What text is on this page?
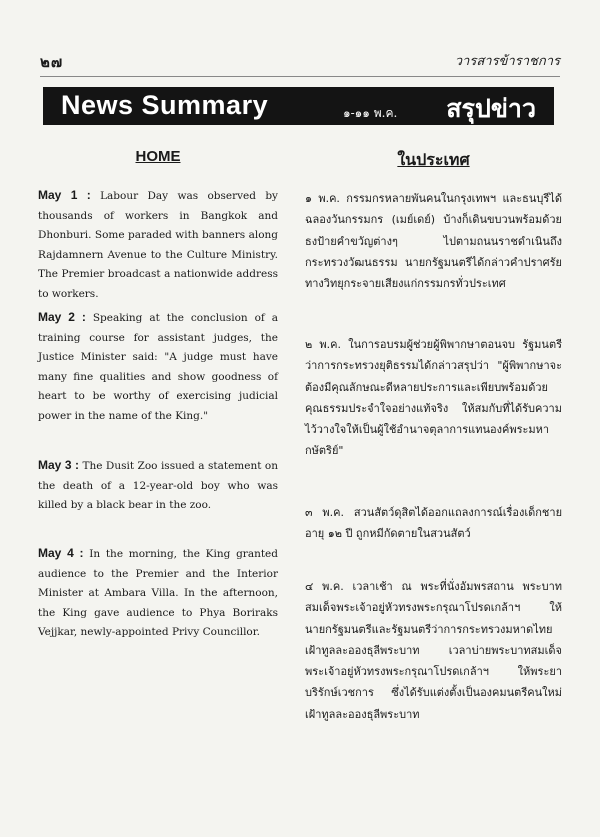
๒๗	วารสารข้าราชการ
News Summary	๑-๑๑ พ.ค. สรุปข่าว
HOME
May 1 : Labour Day was observed by thousands of workers in Bangkok and Dhonburi. Some paraded with banners along Rajdamnern Avenue to the Culture Ministry. The Premier broadcast a nationwide address to workers.
May 2 : Speaking at the conclusion of a training course for assistant judges, the Justice Minister said: "A judge must have many fine qualities and show goodness of heart to be worthy of exercising judicial power in the name of the King."
May 3 : The Dusit Zoo issued a statement on the death of a 12-year-old boy who was killed by a black bear in the zoo.
May 4 : In the morning, the King granted audience to the Premier and the Interior Minister at Ambara Villa. In the afternoon, the King gave audience to Phya Boriraks Vejjkar, newly-appointed Privy Councillor.
ในประเทศ
๑ พ.ค. กรรมกรหลายพันคนในกรุงเทพฯ และธนบุรีได้ฉลองวันกรรมกร (เมย์เดย์) บ้างก็เดินขบวนพร้อมด้วยธงป้ายคำขวัญต่างๆ ไปตามถนนราชดำเนินถึงกระทรวงวัฒนธรรม นายกรัฐมนตรีได้กล่าวคำปราศรัยทางวิทยุกระจายเสียงแก่กรรมกรทั่วประเทศ
๒ พ.ค. ในการอบรมผู้ช่วยผู้พิพากษาตอนจบ รัฐมนตรีว่าการกระทรวงยุติธรรมได้กล่าวสรุปว่า "ผู้พิพากษาจะต้องมีคุณลักษณะดีหลายประการและเพียบพร้อมด้วยคุณธรรมประจำใจอย่างแท้จริง ให้สมกับที่ได้รับความไว้วางใจให้เป็นผู้ใช้อำนาจตุลาการแทนองค์พระมหากษัตริย์"
๓ พ.ค. สวนสัตว์ดุสิตได้ออกแถลงการณ์เรื่องเด็กชายอายุ ๑๒ ปี ถูกหมีกัดตายในสวนสัตว์
๔ พ.ค. เวลาเช้า ณ พระที่นั่งอัมพรสถาน พระบาทสมเด็จพระเจ้าอยู่หัวทรงพระกรุณาโปรดเกล้าฯ ให้นายกรัฐมนตรีและรัฐมนตรีว่าการกระทรวงมหาดไทยเฝ้าทูลละอองธุลีพระบาท เวลาบ่ายพระบาทสมเด็จพระเจ้าอยู่หัวทรงพระกรุณาโปรดเกล้าฯ ให้พระยาบริรักษ์เวชการ ซึ่งได้รับแต่งตั้งเป็นองคมนตรีคนใหม่เฝ้าทูลละอองธุลีพระบาท
